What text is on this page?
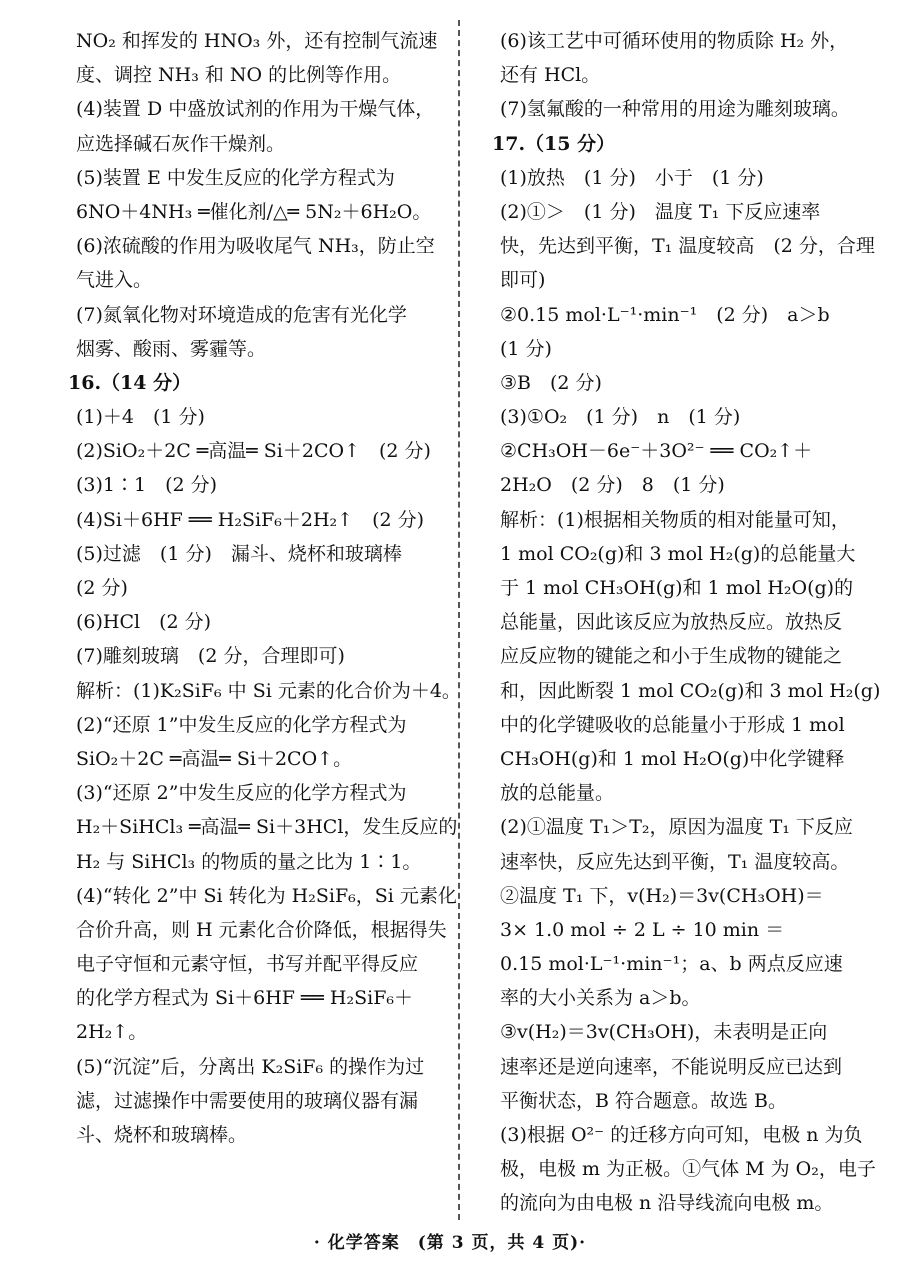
NO₂ 和挥发的 HNO₃ 外，还有控制气流速
度、调控 NH₃ 和 NO 的比例等作用。
(4)装置 D 中盛放试剂的作用为干燥气体，
应选择碱石灰作干燥剂。
(5)装置 E 中发生反应的化学方程式为
6NO＋4NH₃ ═催化剂/△═ 5N₂＋6H₂O。
(6)浓硫酸的作用为吸收尾气 NH₃，防止空
气进入。
(7)氮氧化物对环境造成的危害有光化学
烟雾、酸雨、雾霾等。
16.（14 分）
(1)＋4　(1 分)
(2)SiO₂＋2C ═高温═ Si＋2CO↑　(2 分)
(3)1∶1　(2 分)
(4)Si＋6HF ══ H₂SiF₆＋2H₂↑　(2 分)
(5)过滤　(1 分)　漏斗、烧杯和玻璃棒
(2 分)
(6)HCl　(2 分)
(7)雕刻玻璃　(2 分，合理即可)
解析：(1)K₂SiF₆ 中 Si 元素的化合价为＋4。
(2)“还原 1”中发生反应的化学方程式为
SiO₂＋2C ═高温═ Si＋2CO↑。
(3)“还原 2”中发生反应的化学方程式为
H₂＋SiHCl₃ ═高温═ Si＋3HCl，发生反应的
H₂ 与 SiHCl₃ 的物质的量之比为 1∶1。
(4)“转化 2”中 Si 转化为 H₂SiF₆，Si 元素化
合价升高，则 H 元素化合价降低，根据得失
电子守恒和元素守恒，书写并配平得反应
的化学方程式为 Si＋6HF ══ H₂SiF₆＋
2H₂↑。
(5)“沉淀”后，分离出 K₂SiF₆ 的操作为过
滤，过滤操作中需要使用的玻璃仪器有漏
斗、烧杯和玻璃棒。
(6)该工艺中可循环使用的物质除 H₂ 外，
还有 HCl。
(7)氢氟酸的一种常用的用途为雕刻玻璃。
17.（15 分）
(1)放热　(1 分)　小于　(1 分)
(2)①＞　(1 分)　温度 T₁ 下反应速率
快，先达到平衡，T₁ 温度较高　(2 分，合理
即可)
②0.15 mol·L⁻¹·min⁻¹　(2 分)　a＞b
(1 分)
③B　(2 分)
(3)①O₂　(1 分)　n　(1 分)
②CH₃OH－6e⁻＋3O²⁻ ══ CO₂↑＋
2H₂O　(2 分)　8　(1 分)
解析：(1)根据相关物质的相对能量可知，
1 mol CO₂(g)和 3 mol H₂(g)的总能量大
于 1 mol CH₃OH(g)和 1 mol H₂O(g)的
总能量，因此该反应为放热反应。放热反
应反应物的键能之和小于生成物的键能之
和，因此断裂 1 mol CO₂(g)和 3 mol H₂(g)
中的化学键吸收的总能量小于形成 1 mol
CH₃OH(g)和 1 mol H₂O(g)中化学键释
放的总能量。
(2)①温度 T₁＞T₂，原因为温度 T₁ 下反应
速率快，反应先达到平衡，T₁ 温度较高。
②温度 T₁ 下，v(H₂)＝3v(CH₃OH)＝
3× 1.0 mol ÷ 2 L ÷ 10 min ＝
0.15 mol·L⁻¹·min⁻¹；a、b 两点反应速
率的大小关系为 a＞b。
③v(H₂)＝3v(CH₃OH)，未表明是正向
速率还是逆向速率，不能说明反应已达到
平衡状态，B 符合题意。故选 B。
(3)根据 O²⁻ 的迁移方向可知，电极 n 为负
极，电极 m 为正极。①气体 M 为 O₂，电子
的流向为由电极 n 沿导线流向电极 m。
· 化学答案　(第 3 页，共 4 页)·
